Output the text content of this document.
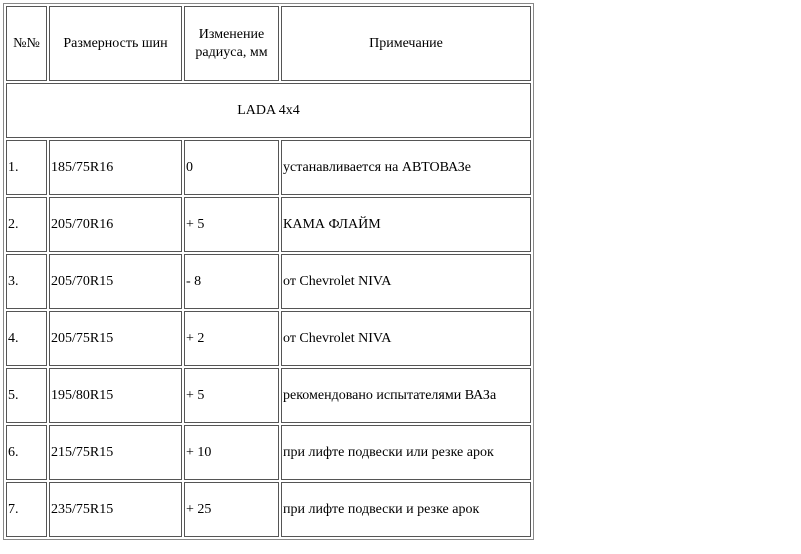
№№	Размерность шин	Изменение радиуса, мм	Примечание
LADA 4x4			
1.	185/75R16	0	устанавливается на АВТОВАЗе
2.	205/70R16	+ 5	КАМА ФЛАЙМ
3.	205/70R15	- 8	от Chevrolet NIVA
4.	205/75R15	+ 2	от Chevrolet NIVA
5.	195/80R15	+ 5	рекомендовано испытателями ВАЗа
6.	215/75R15	+ 10	при лифте подвески или резке арок
7.	235/75R15	+ 25	при лифте подвески и резке арок
